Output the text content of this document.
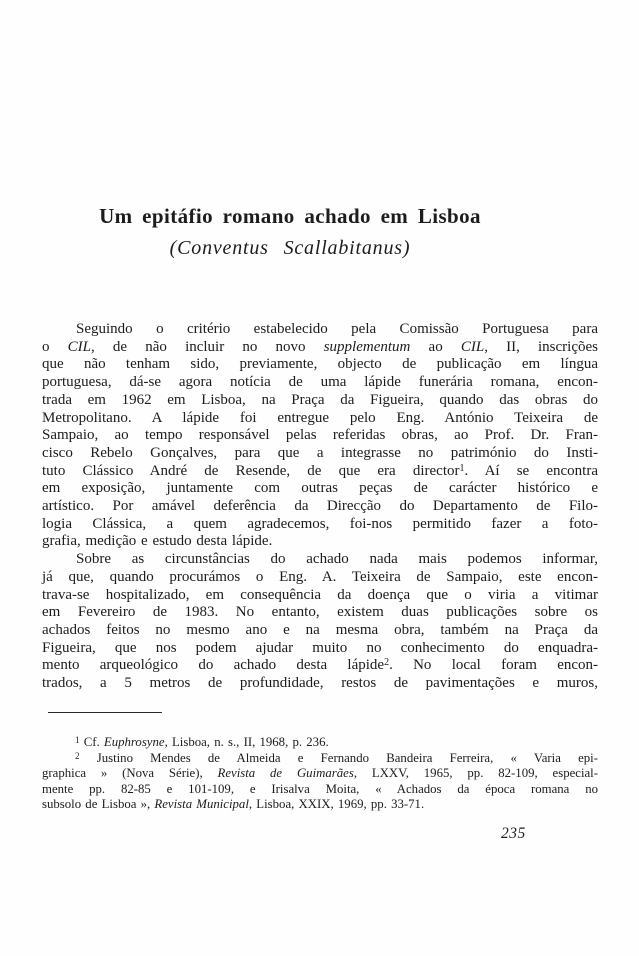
Um epitáfio romano achado em Lisboa
(Conventus Scallabitanus)
Seguindo o critério estabelecido pela Comissão Portuguesa para
o CIL, de não incluir no novo supplementum ao CIL, II, inscrições
que não tenham sido, previamente, objecto de publicação em língua
portuguesa, dá-se agora notícia de uma lápide funerária romana, encon-
trada em 1962 em Lisboa, na Praça da Figueira, quando das obras do
Metropolitano. A lápide foi entregue pelo Eng. António Teixeira de
Sampaio, ao tempo responsável pelas referidas obras, ao Prof. Dr. Fran-
cisco Rebelo Gonçalves, para que a integrasse no património do Insti-
tuto Clássico André de Resende, de que era director$^1$. Aí se encontra
em exposição, juntamente com outras peças de carácter histórico e
artístico. Por amável deferência da Direcção do Departamento de Filo-
logia Clássica, a quem agradecemos, foi-nos permitido fazer a foto-
grafia, medição e estudo desta lápide.
Sobre as circunstâncias do achado nada mais podemos informar,
já que, quando procurámos o Eng. A. Teixeira de Sampaio, este encon-
trava-se hospitalizado, em consequência da doença que o viria a vitimar
em Fevereiro de 1983. No entanto, existem duas publicações sobre os
achados feitos no mesmo ano e na mesma obra, também na Praça da
Figueira, que nos podem ajudar muito no conhecimento do enquadra-
mento arqueológico do achado desta lápide$^2$. No local foram encon-
trados, a 5 metros de profundidade, restos de pavimentações e muros,
$^1$ Cf. Euphrosyne, Lisboa, n. s., II, 1968, p. 236.
$^2$ Justino Mendes de Almeida e Fernando Bandeira Ferreira, « Varia epi-
graphica » (Nova Série), Revista de Guimarães, LXXV, 1965, pp. 82-109, especial-
mente pp. 82-85 e 101-109, e Irisalva Moita, « Achados da época romana no
subsolo de Lisboa », Revista Municipal, Lisboa, XXIX, 1969, pp. 33-71.
235
